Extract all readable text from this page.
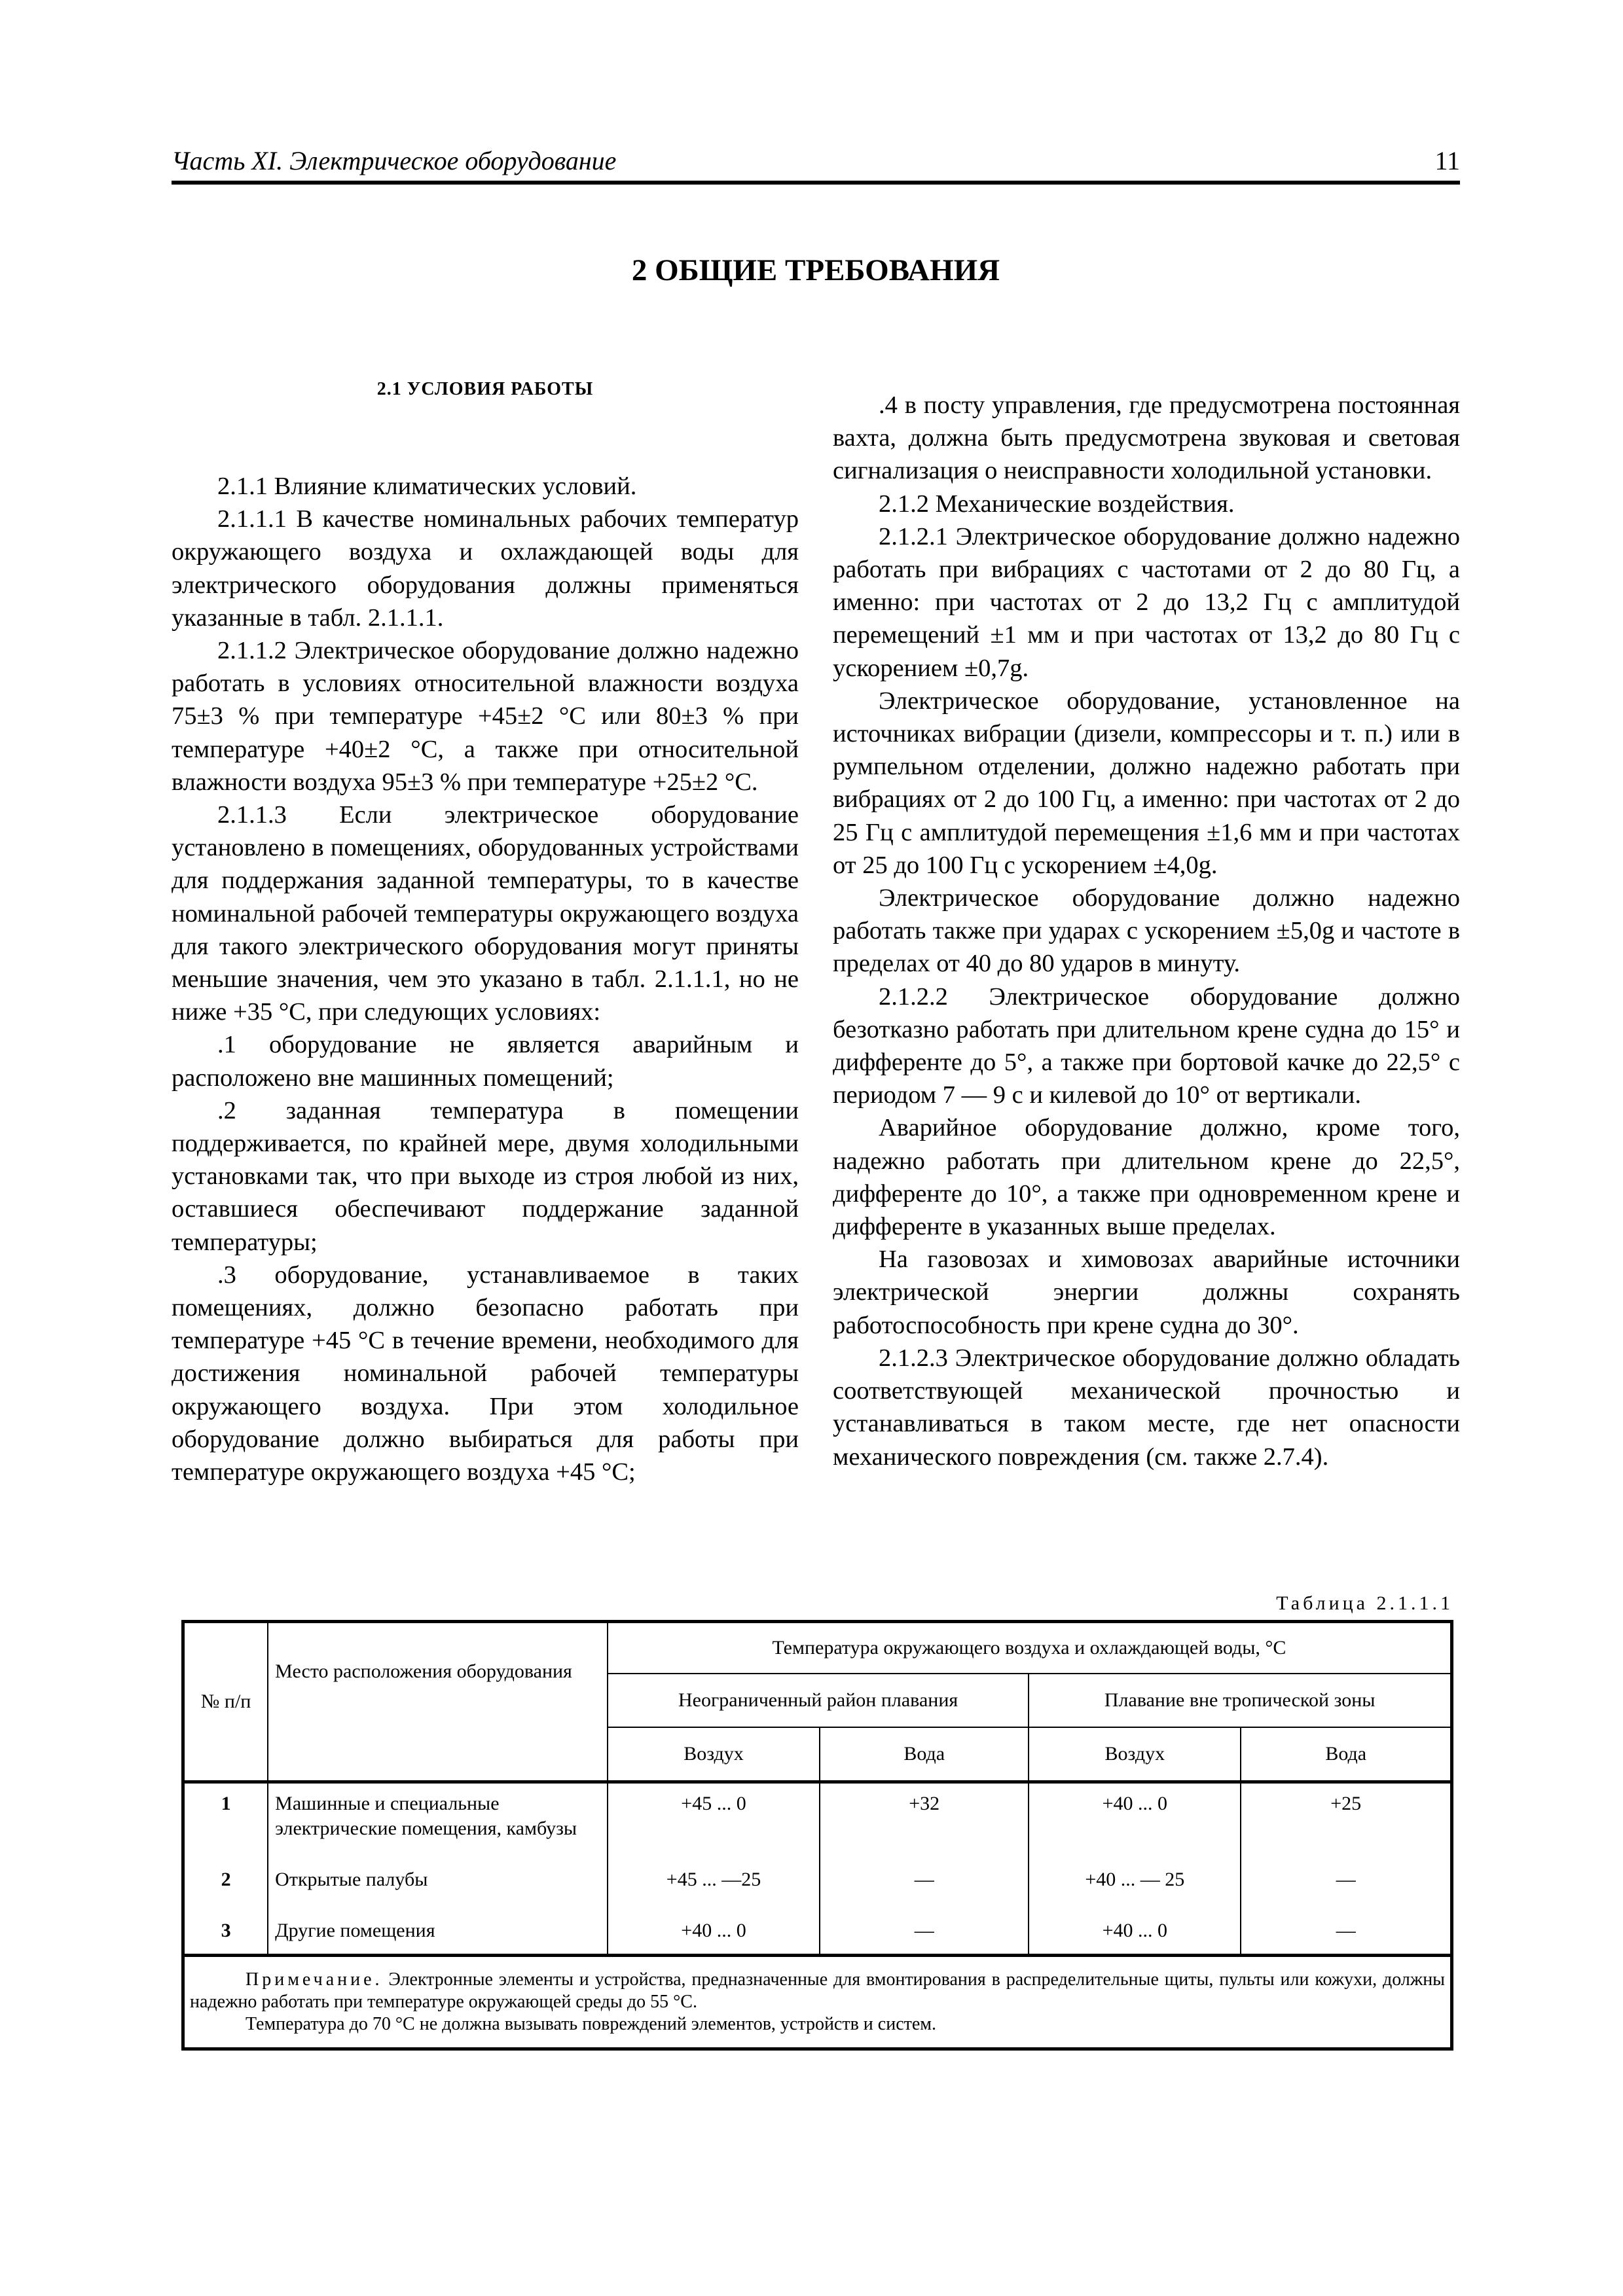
Часть XI. Электрическое оборудование	11
2 ОБЩИЕ ТРЕБОВАНИЯ
2.1 УСЛОВИЯ РАБОТЫ

2.1.1 Влияние климатических условий.

2.1.1.1 В качестве номинальных рабочих температур окружающего воздуха и охлаждающей воды для электрического оборудования должны применяться указанные в табл. 2.1.1.1.

2.1.1.2 Электрическое оборудование должно надежно работать в условиях относительной влажности воздуха 75±3 % при температуре +45±2 °С или 80±3 % при температуре +40±2 °С, а также при относительной влажности воздуха 95±3 % при температуре +25±2 °С.

2.1.1.3 Если электрическое оборудование установлено в помещениях, оборудованных устройствами для поддержания заданной температуры, то в качестве номинальной рабочей температуры окружающего воздуха для такого электрического оборудования могут приняты меньшие значения, чем это указано в табл. 2.1.1.1, но не ниже +35 °С, при следующих условиях:

.1 оборудование не является аварийным и расположено вне машинных помещений;

.2 заданная температура в помещении поддерживается, по крайней мере, двумя холодильными установками так, что при выходе из строя любой из них, оставшиеся обеспечивают поддержание заданной температуры;

.3 оборудование, устанавливаемое в таких помещениях, должно безопасно работать при температуре +45 °С в течение времени, необходимого для достижения номинальной рабочей температуры окружающего воздуха. При этом холодильное оборудование должно выбираться для работы при температуре окружающего воздуха +45 °С;

.4 в посту управления, где предусмотрена постоянная вахта, должна быть предусмотрена звуковая и световая сигнализация о неисправности холодильной установки.

2.1.2 Механические воздействия.

2.1.2.1 Электрическое оборудование должно надежно работать при вибрациях с частотами от 2 до 80 Гц, а именно: при частотах от 2 до 13,2 Гц с амплитудой перемещений ±1 мм и при частотах от 13,2 до 80 Гц с ускорением ±0,7g.

Электрическое оборудование, установленное на источниках вибрации (дизели, компрессоры и т. п.) или в румпельном отделении, должно надежно работать при вибрациях от 2 до 100 Гц, а именно: при частотах от 2 до 25 Гц с амплитудой перемещения ±1,6 мм и при частотах от 25 до 100 Гц с ускорением ±4,0g.

Электрическое оборудование должно надежно работать также при ударах с ускорением ±5,0g и частоте в пределах от 40 до 80 ударов в минуту.

2.1.2.2 Электрическое оборудование должно безотказно работать при длительном крене судна до 15° и дифференте до 5°, а также при бортовой качке до 22,5° с периодом 7 — 9 с и килевой до 10° от вертикали.

Аварийное оборудование должно, кроме того, надежно работать при длительном крене до 22,5°, дифференте до 10°, а также при одновременном крене и дифференте в указанных выше пределах.

На газовозах и химовозах аварийные источники электрической энергии должны сохранять работоспособность при крене судна до 30°.

2.1.2.3 Электрическое оборудование должно обладать соответствующей механической прочностью и устанавливаться в таком месте, где нет опасности механического повреждения (см. также 2.7.4).

Таблица 2.1.1.1
№ п/п	Место расположения оборудования	Температура окружающего воздуха и охлаждающей воды, °С			
		Неограниченный район плавания		Плавание вне тропической зоны	
		Воздух	Вода	Воздух	Вода
1	Машинные и специальные электрические помещения, камбузы	+45 ... 0	+32	+40 ... 0	+25
2	Открытые палубы	+45 ... —25	—	+40 ... — 25	—
3	Другие помещения	+40 ... 0	—	+40 ... 0	—
Примечание. Электронные элементы и устройства, предназначенные для вмонтирования в распределительные щиты, пульты или кожухи, должны надежно работать при температуре окружающей среды до 55 °С.
Температура до 70 °С не должна вызывать повреждений элементов, устройств и систем.					
